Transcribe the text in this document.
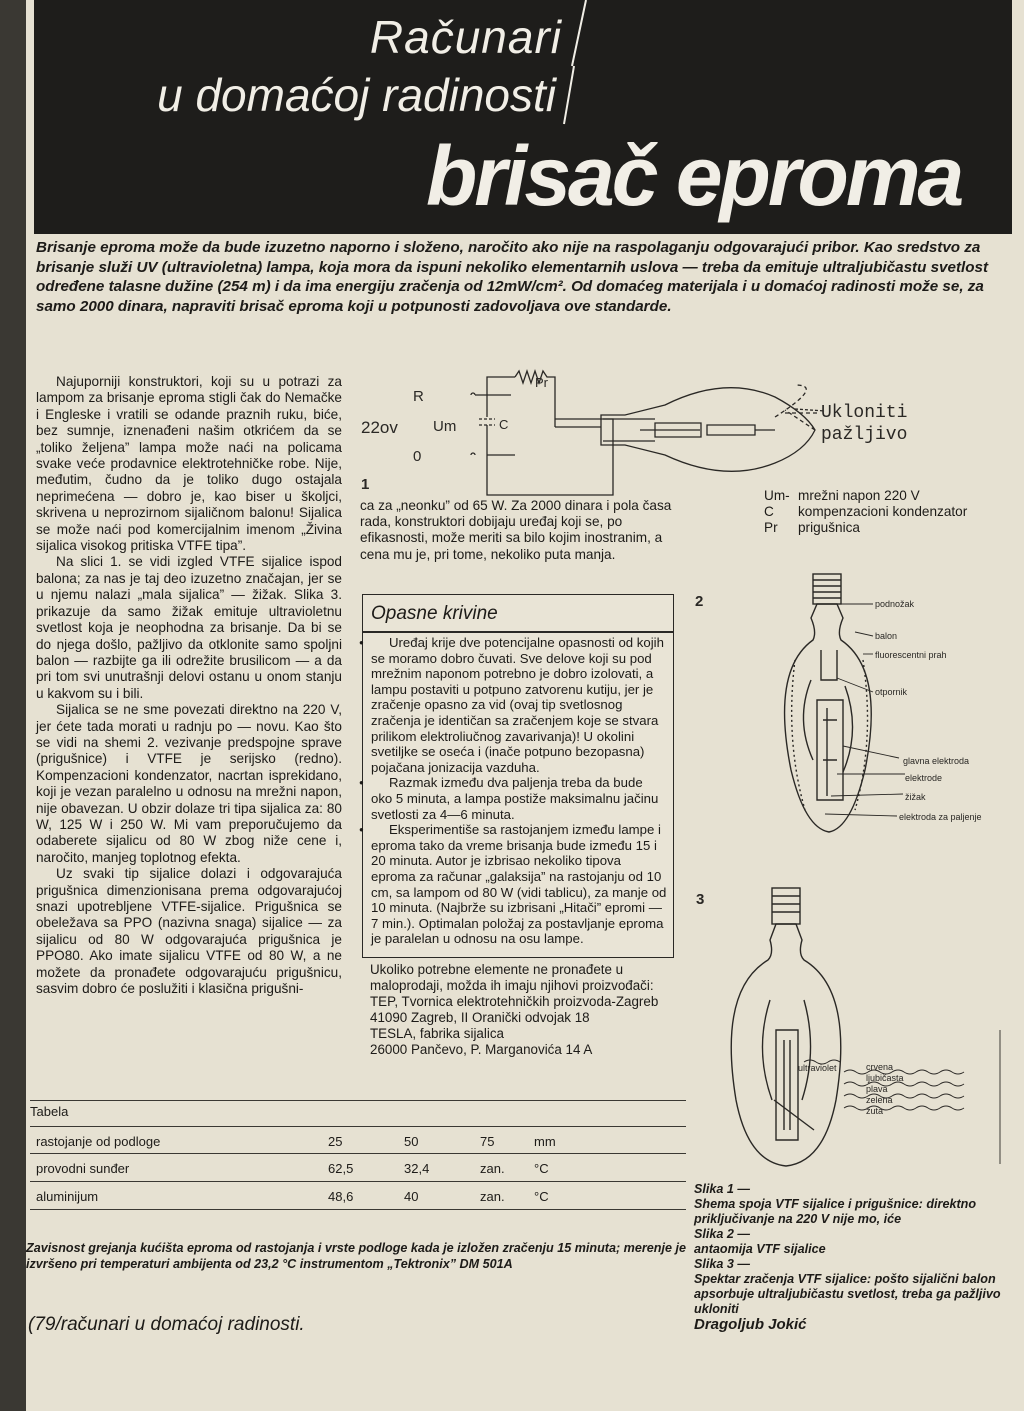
Računari
u domaćoj radinosti
brisač eproma
Brisanje eproma može da bude izuzetno naporno i složeno, naročito ako nije na raspolaganju odgovarajući pribor. Kao sredstvo za brisanje služi UV (ultravioletna) lampa, koja mora da ispuni nekoliko elementarnih uslova — treba da emituje ultraljubičastu svetlost određene talasne dužine (254 m) i da ima energiju zračenja od 12mW/cm². Od domaćeg materijala i u domaćoj radinosti može se, za samo 2000 dinara, napraviti brisač eproma koji u potpunosti zadovoljava ove standarde.

Najuporniji konstruktori, koji su u potrazi za lampom za brisanje eproma stigli čak do Nemačke i Engleske i vratili se odande praznih ruku, biće, bez sumnje, iznenađeni našim otkrićem da se „toliko željena” lampa može naći na policama svake veće prodavnice elektrotehničke robe. Nije, međutim, čudno da je toliko dugo ostajala neprimećena — dobro je, kao biser u školjci, skrivena u neprozirnom sijaličnom balonu! Sijalica se može naći pod komercijalnim imenom „Živina sijalica visokog pritiska VTFE tipa”.

Na slici 1. se vidi izgled VTFE sijalice ispod balona; za nas je taj deo izuzetno značajan, jer se u njemu nalazi „mala sijalica” — žižak. Slika 3. prikazuje da samo žižak emituje ultravioletnu svetlost koja je neophodna za brisanje. Da bi se do njega došlo, pažljivo da otklonite samo spoljni balon — razbijte ga ili odrežite brusilicom — a da pri tom svi unutrašnji delovi ostanu u onom stanju u kakvom su i bili.

Sijalica se ne sme povezati direktno na 220 V, jer ćete tada morati u radnju po — novu. Kao što se vidi na shemi 2. vezivanje predspojne sprave (prigušnice) i VTFE je serijsko (redno). Kompenzacioni kondenzator, nacrtan isprekidano, koji je vezan paralelno u odnosu na mrežni napon, nije obavezan. U obzir dolaze tri tipa sijalica za: 80 W, 125 W i 250 W. Mi vam preporučujemo da odaberete sijalicu od 80 W zbog niže cene i, naročito, manjeg toplotnog efekta.

Uz svaki tip sijalice dolazi i odgovarajuća prigušnica dimenzionisana prema odgovarajućoj snazi upotrebljene VTFE-sijalice. Prigušnica se obeležava sa PPO (nazivna snaga) sijalice — za sijalicu od 80 W odgovarajuća prigušnica je PPO80. Ako imate sijalicu VTFE od 80 W, a ne možete da pronađete odgovarajuću prigušnicu, sasvim dobro će poslužiti i klasična prigušni-

R
Pr
22ov Um	C
0
Ukloniti
pažljivo
1
Um- mrežni napon 220 V
C	kompenzacioni kondenzator
Pr	prigušnica
ca za „neonku” od 65 W. Za 2000 dinara i pola časa rada, konstruktori dobijaju uređaj koji se, po efikasnosti, može meriti sa bilo kojim inostranim, a cena mu je, pri tome, nekoliko puta manja.
Opasne krivine
● Uređaj krije dve potencijalne opasnosti od kojih se moramo dobro čuvati. Sve delove koji su pod mrežnim naponom potrebno je dobro izolovati, a lampu postaviti u potpuno zatvorenu kutiju, jer je zračenje opasno za vid (ovaj tip svetlosnog zračenja je identičan sa zračenjem koje se stvara prilikom elektroliučnog zavarivanja)! U okolini svetiljke se oseća i (inače potpuno bezopasna) pojačana jonizacija vazduha.
● Razmak između dva paljenja treba da bude oko 5 minuta, a lampa postiže maksimalnu jačinu svetlosti za 4—6 minuta.
● Eksperimentiše sa rastojanjem između lampe i eproma tako da vreme brisanja bude između 15 i 20 minuta. Autor je izbrisao nekoliko tipova eproma za računar „galaksija” na rastojanju od 10 cm, sa lampom od 80 W (vidi tablicu), za manje od 10 minuta. (Najbrže su izbrisani „Hitači” epromi — 7 min.). Optimalan položaj za postavljanje eproma je paralelan u odnosu na osu lampe.
Ukoliko potrebne elemente ne pronađete u maloprodaji, možda ih imaju njihovi proizvođači:
TEP, Tvornica elektrotehničkih proizvoda-Zagreb
41090 Zagreb, II Oranički odvojak 18
TESLA, fabrika sijalica
26000 Pančevo, P. Marganovića 14 A
2	podnožak
balon
fluorescentni prah
otpornik
glavna elektroda
elektrode
žižak
elektroda za paljenje
3
ultraviolet	crvena
ljubičasta
plava
zelena
žuta
Tabela
rastojanje od podloge	25	50	75	mm
provodni sunđer	62,5	32,4	zan. °C
aluminijum	48,6	40	zan. °C
Zavisnost grejanja kućišta eproma od rastojanja i vrste podloge kada je izložen zračenju 15 minuta; merenje je izvršeno pri temperaturi ambijenta od 23,2 °C instrumentom „Tektronix” DM 501A
Slika 1 —
Shema spoja VTF sijalice i prigušnice: direktno priključivanje na 220 V nije mo, iće
Slika 2 —
antaomija VTF sijalice
Slika 3 —
Spektar zračenja VTF sijalice: pošto sijalični balon apsorbuje ultraljubičastu svetlost, treba ga pažljivo ukloniti
(79/računari u domaćoj radinosti.	Dragoljub Jokić
